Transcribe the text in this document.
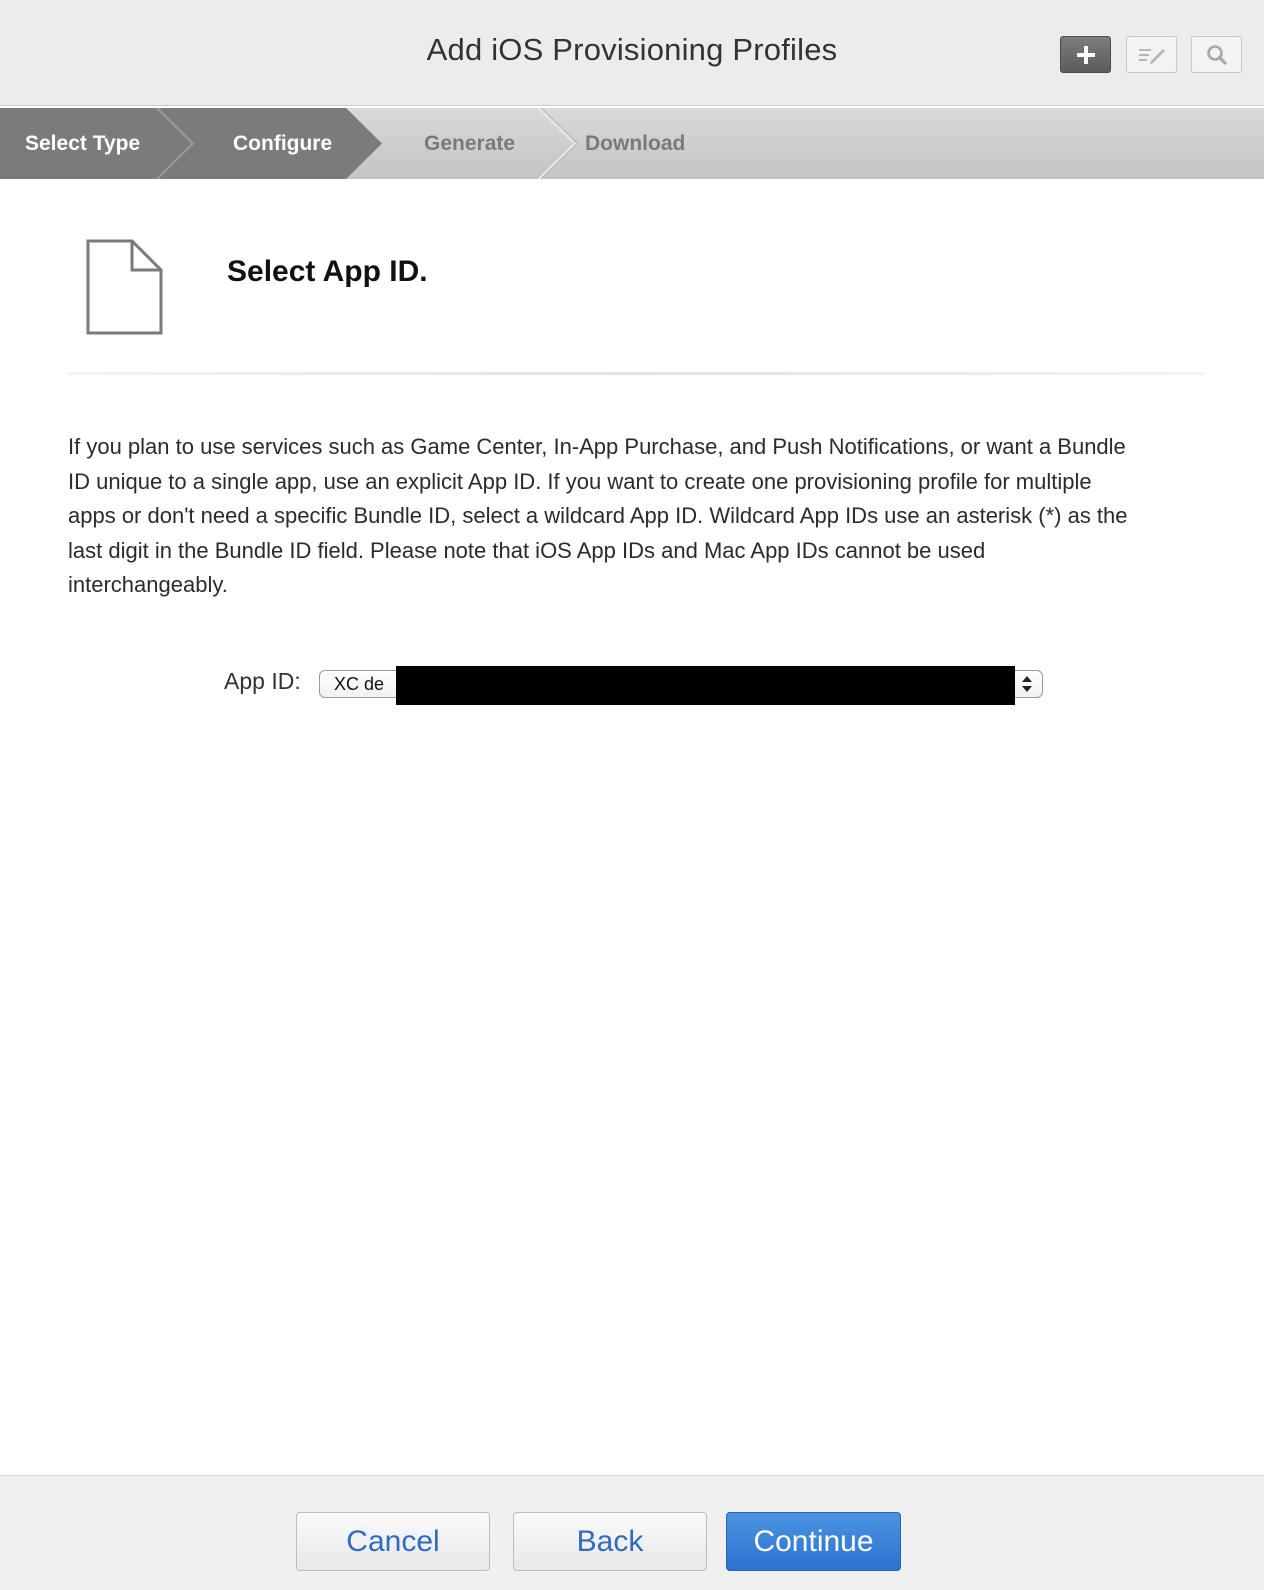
Add iOS Provisioning Profiles
Select Type	Configure	Generate	Download
Select App ID.

If you plan to use services such as Game Center, In-App Purchase, and Push Notifications, or want a Bundle ID unique to a single app, use an explicit App ID. If you want to create one provisioning profile for multiple apps or don't need a specific Bundle ID, select a wildcard App ID. Wildcard App IDs use an asterisk (*) as the last digit in the Bundle ID field. Please note that iOS App IDs and Mac App IDs cannot be used interchangeably.

App ID:	XC de
Cancel	Back	Continue
